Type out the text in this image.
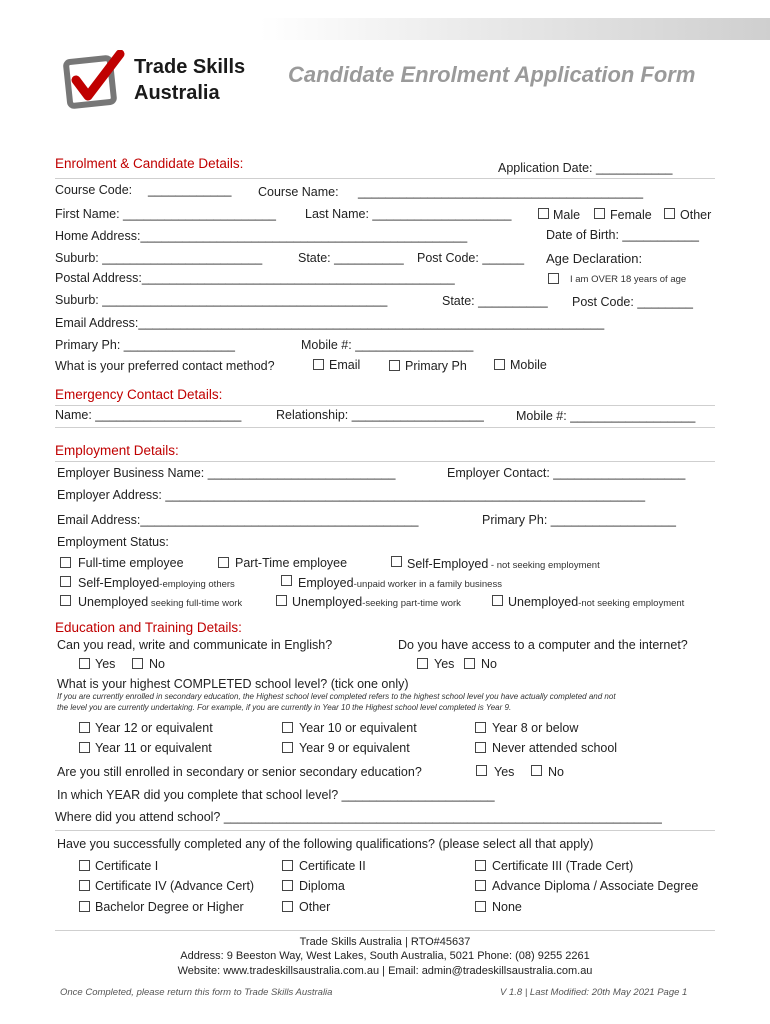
Trade Skills
Australia
Candidate Enrolment Application Form
Enrolment & Candidate Details:	Application Date: ___________
Course Code: ____________ Course Name: _________________________________________
First Name: ______________________ Last Name: ____________________	Male Female Other
Home Address:_______________________________________________	Date of Birth: ___________
Suburb: _______________________	State: __________ Post Code: ______ Age Declaration:
Postal Address:_____________________________________________	I am OVER 18 years of age
Suburb: _________________________________________	State: __________ Post Code: ________
Email Address:___________________________________________________________________
Primary Ph: ________________	Mobile #: _________________
What is your preferred contact method?	Email	Primary Ph	Mobile
Emergency Contact Details:
Name: _____________________	Relationship: ___________________	Mobile #: __________________
Employment Details:
Employer Business Name: ___________________________	Employer Contact: ___________________
Employer Address: _____________________________________________________________________
Email Address:________________________________________	Primary Ph: __________________
Employment Status:
Full-time employee	Part-Time employee	Self-Employed - not seeking employment
Self-Employed-employing others	Employed-unpaid worker in a family business
Unemployed seeking full-time work	Unemployed-seeking part-time work	Unemployed-not seeking employment
Education and Training Details:
Can you read, write and communicate in English?	Do you have access to a computer and the internet?
Yes	No	Yes No
What is your highest COMPLETED school level? (tick one only)
If you are currently enrolled in secondary education, the Highest school level completed refers to the highest school level you have actually completed and not
the level you are currently undertaking. For example, if you are currently in Year 10 the Highest school level completed is Year 9.
Year 12 or equivalent	Year 10 or equivalent	Year 8 or below
Year 11 or equivalent	Year 9 or equivalent	Never attended school
Are you still enrolled in secondary or senior secondary education?	Yes	No
In which YEAR did you complete that school level? ______________________
Where did you attend school? _______________________________________________________________
Have you successfully completed any of the following qualifications? (please select all that apply)
Certificate I	Certificate II	Certificate III (Trade Cert)
Certificate IV (Advance Cert)	Diploma	Advance Diploma / Associate Degree
Bachelor Degree or Higher	Other	None
Trade Skills Australia | RTO#45637
Address: 9 Beeston Way, West Lakes, South Australia, 5021 Phone: (08) 9255 2261
Website: www.tradeskillsaustralia.com.au | Email: admin@tradeskillsaustralia.com.au
Once Completed, please return this form to Trade Skills Australia	V 1.8 | Last Modified: 20th May 2021 Page 1
